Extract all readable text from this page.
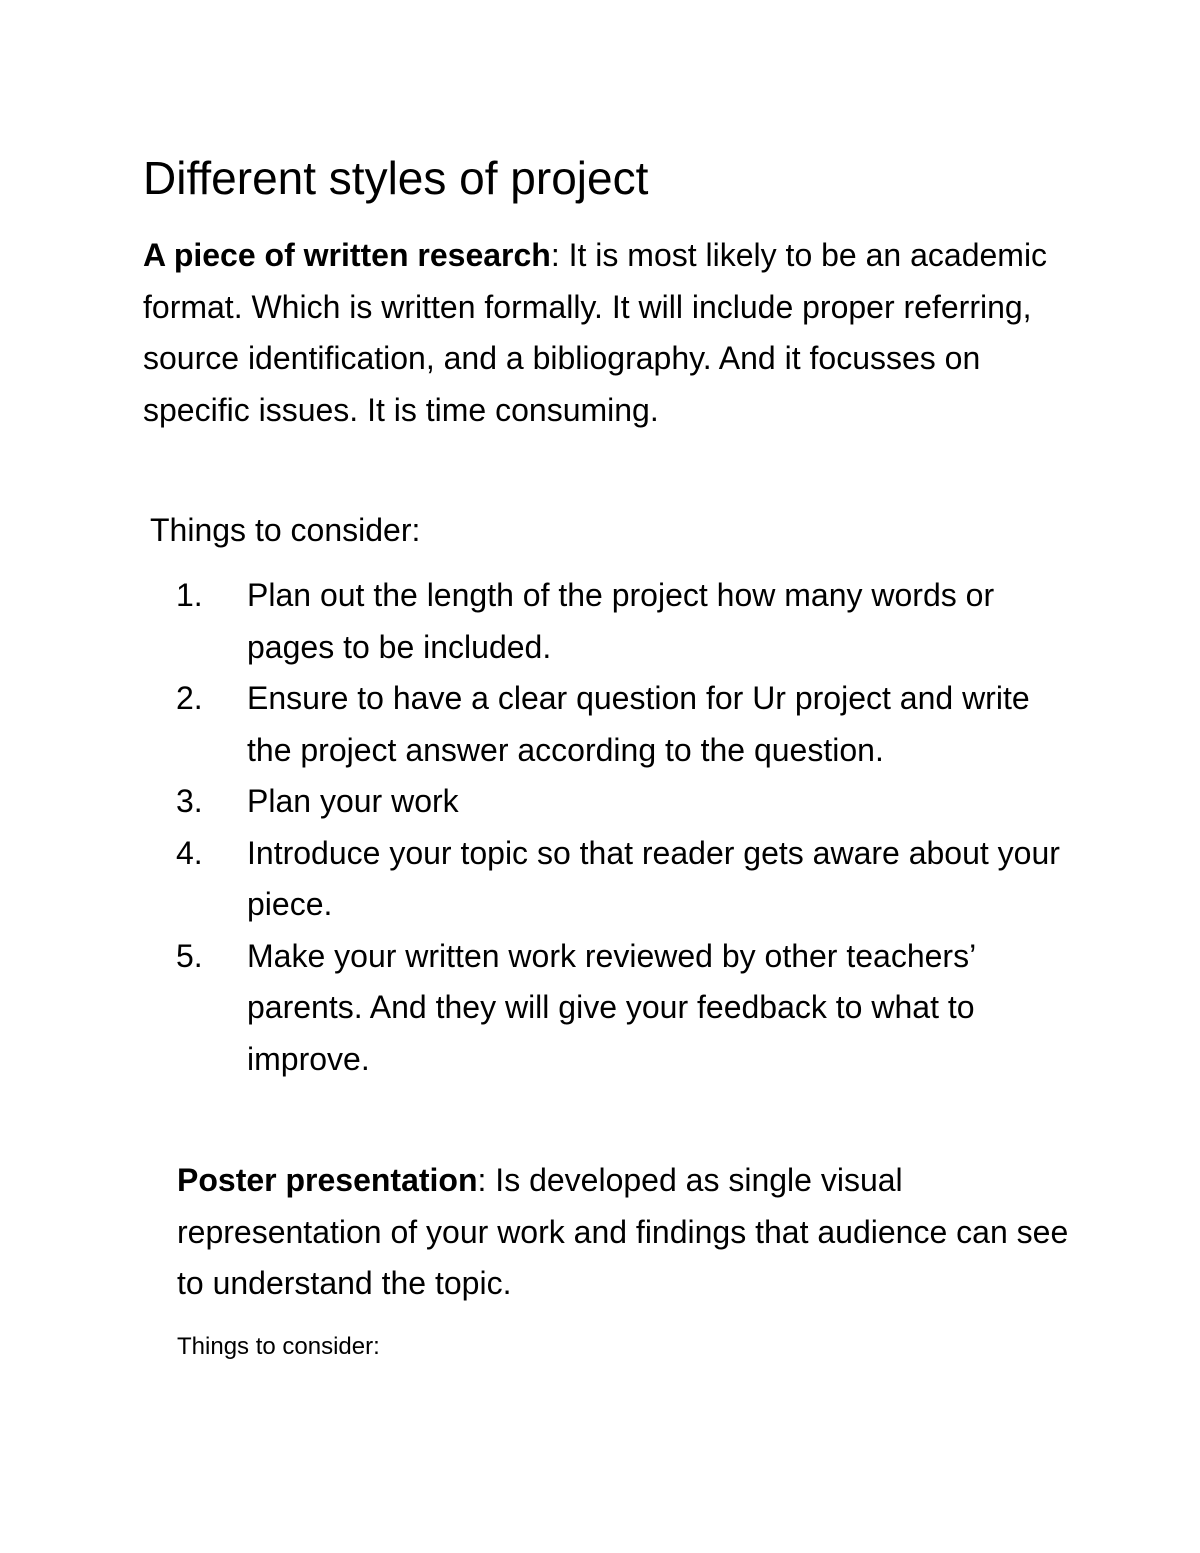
Different styles of project

A piece of written research: It is most likely to be an academic format. Which is written formally. It will include proper referring, source identification, and a bibliography. And it focusses on specific issues. It is time consuming.

Things to consider:

1. Plan out the length of the project how many words or pages to be included.
2. Ensure to have a clear question for Ur project and write the project answer according to the question.
3. Plan your work
4. Introduce your topic so that reader gets aware about your piece.
5. Make your written work reviewed by other teachers’ parents. And they will give your feedback to what to improve.

Poster presentation: Is developed as single visual representation of your work and findings that audience can see to understand the topic.

Things to consider:
